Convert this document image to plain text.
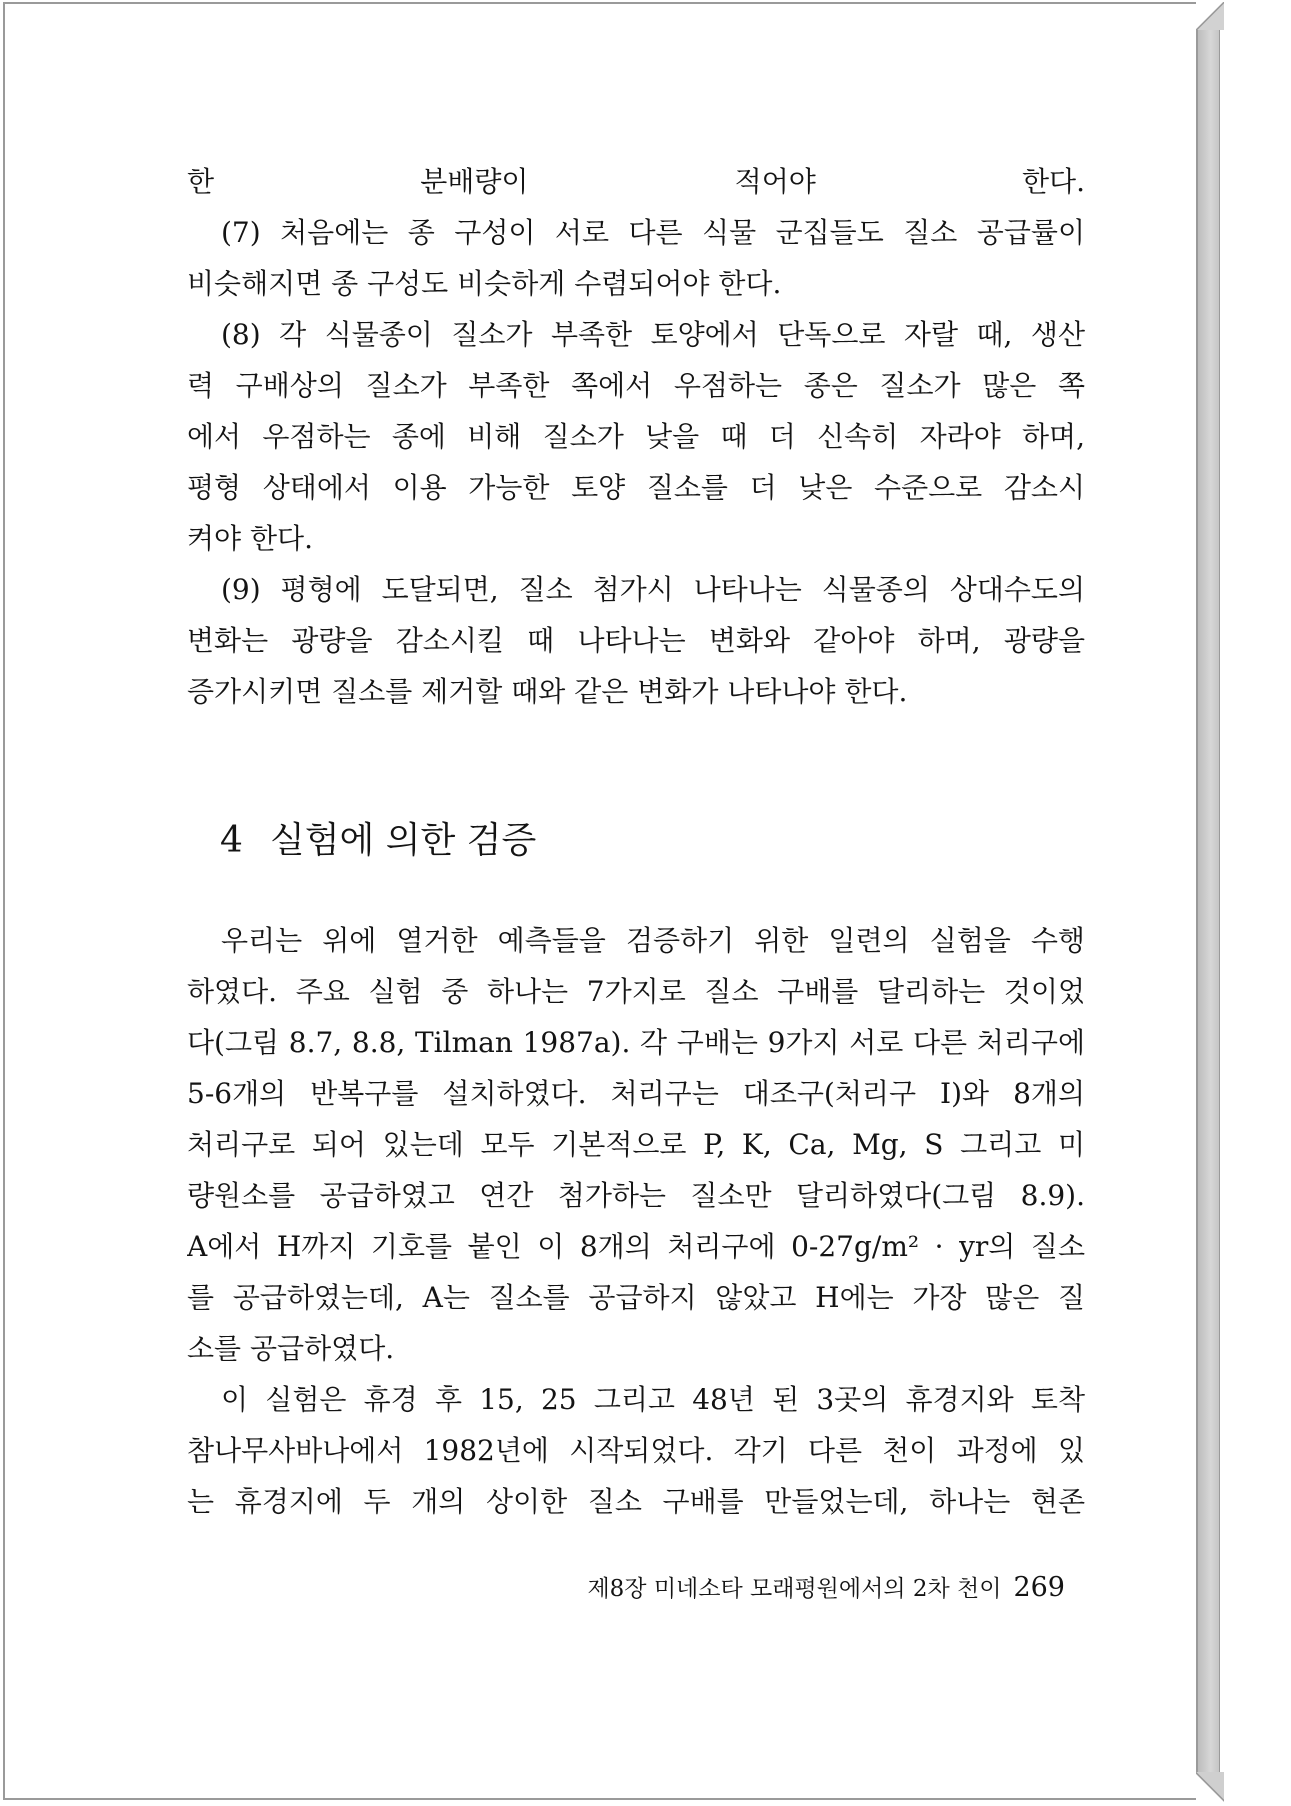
한 분배량이 적어야 한다.
(7) 처음에는 종 구성이 서로 다른 식물 군집들도 질소 공급률이
비슷해지면 종 구성도 비슷하게 수렴되어야 한다.
(8) 각 식물종이 질소가 부족한 토양에서 단독으로 자랄 때, 생산
력 구배상의 질소가 부족한 쪽에서 우점하는 종은 질소가 많은 쪽
에서 우점하는 종에 비해 질소가 낮을 때 더 신속히 자라야 하며,
평형 상태에서 이용 가능한 토양 질소를 더 낮은 수준으로 감소시
켜야 한다.
(9) 평형에 도달되면, 질소 첨가시 나타나는 식물종의 상대수도의
변화는 광량을 감소시킬 때 나타나는 변화와 같아야 하며, 광량을
증가시키면 질소를 제거할 때와 같은 변화가 나타나야 한다.
4 실험에 의한 검증
우리는 위에 열거한 예측들을 검증하기 위한 일련의 실험을 수행
하였다. 주요 실험 중 하나는 7가지로 질소 구배를 달리하는 것이었
다(그림 8.7, 8.8, Tilman 1987a). 각 구배는 9가지 서로 다른 처리구에
5-6개의 반복구를 설치하였다. 처리구는 대조구(처리구 I)와 8개의
처리구로 되어 있는데 모두 기본적으로 P, K, Ca, Mg, S 그리고 미
량원소를 공급하였고 연간 첨가하는 질소만 달리하였다(그림 8.9).
A에서 H까지 기호를 붙인 이 8개의 처리구에 0-27g/m² · yr의 질소
를 공급하였는데, A는 질소를 공급하지 않았고 H에는 가장 많은 질
소를 공급하였다.
이 실험은 휴경 후 15, 25 그리고 48년 된 3곳의 휴경지와 토착
참나무사바나에서 1982년에 시작되었다. 각기 다른 천이 과정에 있
는 휴경지에 두 개의 상이한 질소 구배를 만들었는데, 하나는 현존
제8장 미네소타 모래평원에서의 2차 천이 269
